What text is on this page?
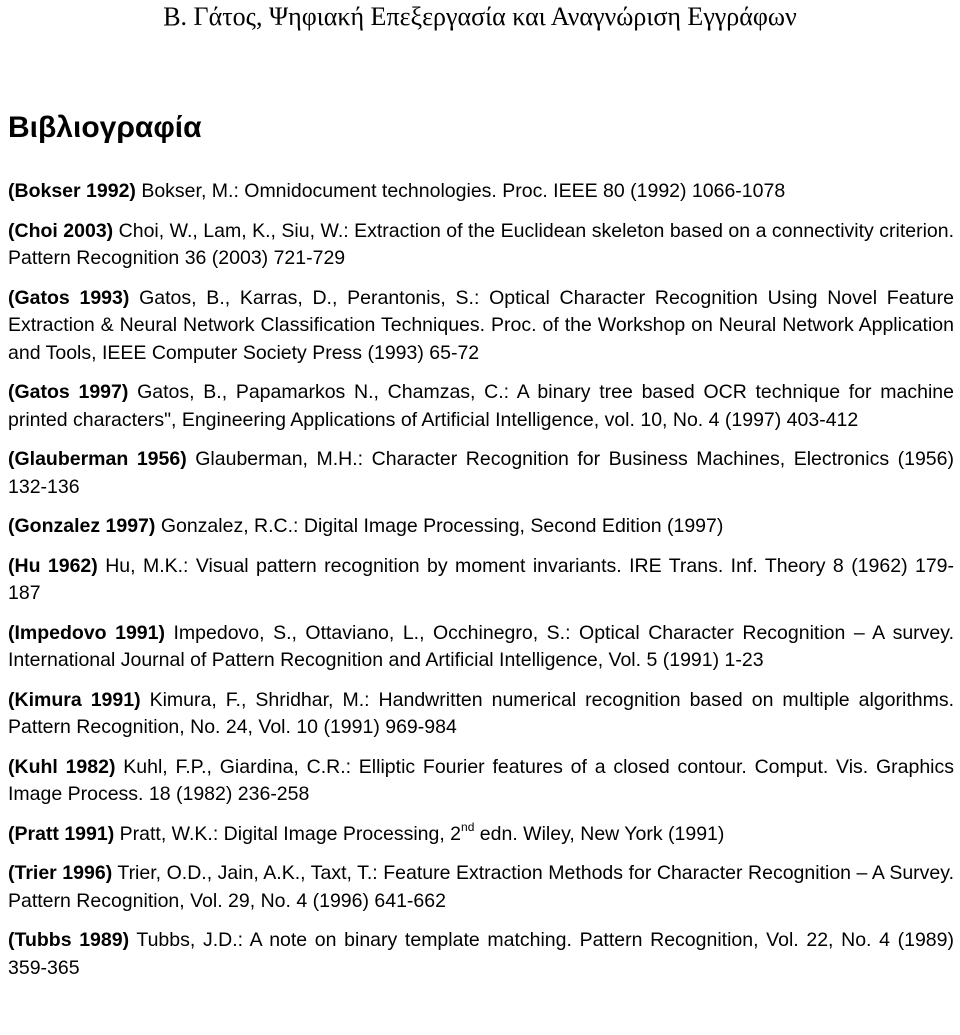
Β. Γάτος, Ψηφιακή Επεξεργασία και Αναγνώριση Εγγράφων
Βιβλιογραφία

(Bokser 1992) Bokser, M.: Omnidocument technologies. Proc. IEEE 80 (1992) 1066-1078

(Choi 2003) Choi, W., Lam, K., Siu, W.: Extraction of the Euclidean skeleton based on a connectivity criterion. Pattern Recognition 36 (2003) 721-729

(Gatos 1993) Gatos, B., Karras, D., Perantonis, S.: Optical Character Recognition Using Novel Feature Extraction & Neural Network Classification Techniques. Proc. of the Workshop on Neural Network Application and Tools, IEEE Computer Society Press (1993) 65-72

(Gatos 1997) Gatos, B., Papamarkos N., Chamzas, C.: A binary tree based OCR technique for machine printed characters", Engineering Applications of Artificial Intelligence, vol. 10, No. 4 (1997) 403-412

(Glauberman 1956) Glauberman, M.H.: Character Recognition for Business Machines, Electronics (1956) 132-136

(Gonzalez 1997) Gonzalez, R.C.: Digital Image Processing, Second Edition (1997)

(Hu 1962) Hu, M.K.: Visual pattern recognition by moment invariants. IRE Trans. Inf. Theory 8 (1962) 179-187

(Impedovo 1991) Impedovo, S., Ottaviano, L., Occhinegro, S.: Optical Character Recognition – A survey. International Journal of Pattern Recognition and Artificial Intelligence, Vol. 5 (1991) 1-23

(Kimura 1991) Kimura, F., Shridhar, M.: Handwritten numerical recognition based on multiple algorithms. Pattern Recognition, No. 24, Vol. 10 (1991) 969-984

(Kuhl 1982) Kuhl, F.P., Giardina, C.R.: Elliptic Fourier features of a closed contour. Comput. Vis. Graphics Image Process. 18 (1982) 236-258

(Pratt 1991) Pratt, W.K.: Digital Image Processing, 2nd edn. Wiley, New York (1991)

(Trier 1996) Trier, O.D., Jain, A.K., Taxt, T.: Feature Extraction Methods for Character Recognition – A Survey. Pattern Recognition, Vol. 29, No. 4 (1996) 641-662

(Tubbs 1989) Tubbs, J.D.: A note on binary template matching. Pattern Recognition, Vol. 22, No. 4 (1989) 359-365
